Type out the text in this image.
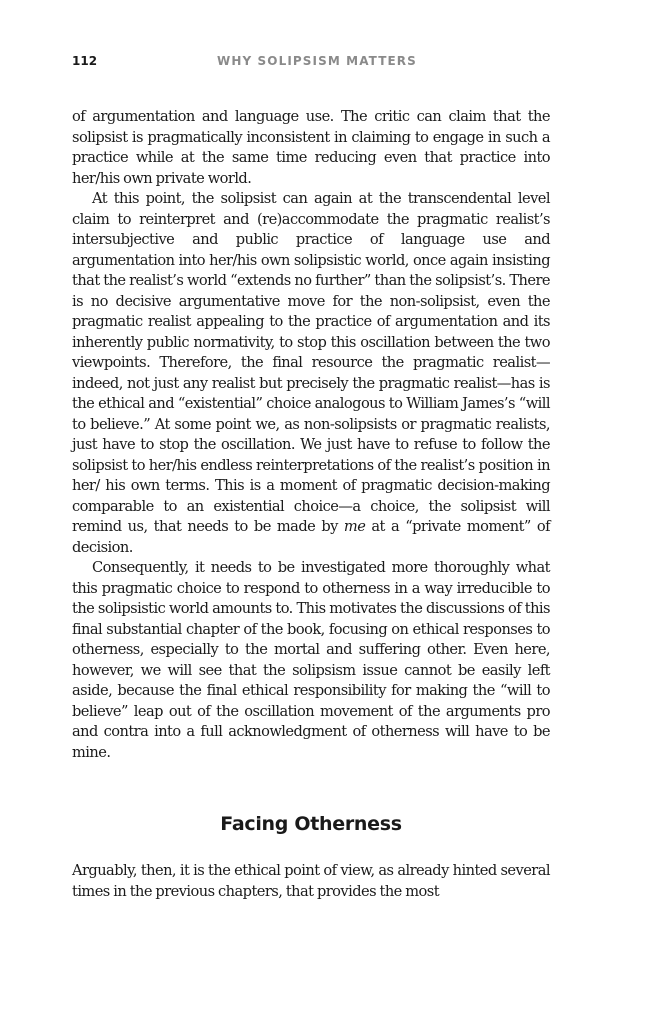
112	WHY SOLIPSISM MATTERS

of argumentation and language use. The critic can claim that the solipsist is pragmatically inconsistent in claiming to engage in such a practice while at the same time reducing even that practice into her/his own private world.

At this point, the solipsist can again at the transcendental level claim to reinterpret and (re)accommodate the pragmatic realist’s intersubjective and public practice of language use and argumentation into her/his own solipsistic world, once again insisting that the realist’s world “extends no further” than the solipsist’s. There is no decisive argumentative move for the non-solipsist, even the pragmatic realist appealing to the practice of argumentation and its inherently public normativity, to stop this oscillation between the two viewpoints. Therefore, the final resource the pragmatic realist—indeed, not just any realist but precisely the pragmatic realist—has is the ethical and “existential” choice analogous to William James’s “will to believe.” At some point we, as non-solipsists or pragmatic realists, just have to stop the oscillation. We just have to refuse to follow the solipsist to her/his endless reinterpretations of the realist’s position in her/ his own terms. This is a moment of pragmatic decision-making comparable to an existential choice—a choice, the solipsist will remind us, that needs to be made by me at a “private moment” of decision.

Consequently, it needs to be investigated more thoroughly what this pragmatic choice to respond to otherness in a way irreducible to the solipsistic world amounts to. This motivates the discussions of this final substantial chapter of the book, focusing on ethical responses to otherness, especially to the mortal and suffering other. Even here, however, we will see that the solipsism issue cannot be easily left aside, because the final ethical responsibility for making the “will to believe” leap out of the oscillation movement of the arguments pro and contra into a full acknowledgment of otherness will have to be mine.

Facing Otherness

Arguably, then, it is the ethical point of view, as already hinted several times in the previous chapters, that provides the most
